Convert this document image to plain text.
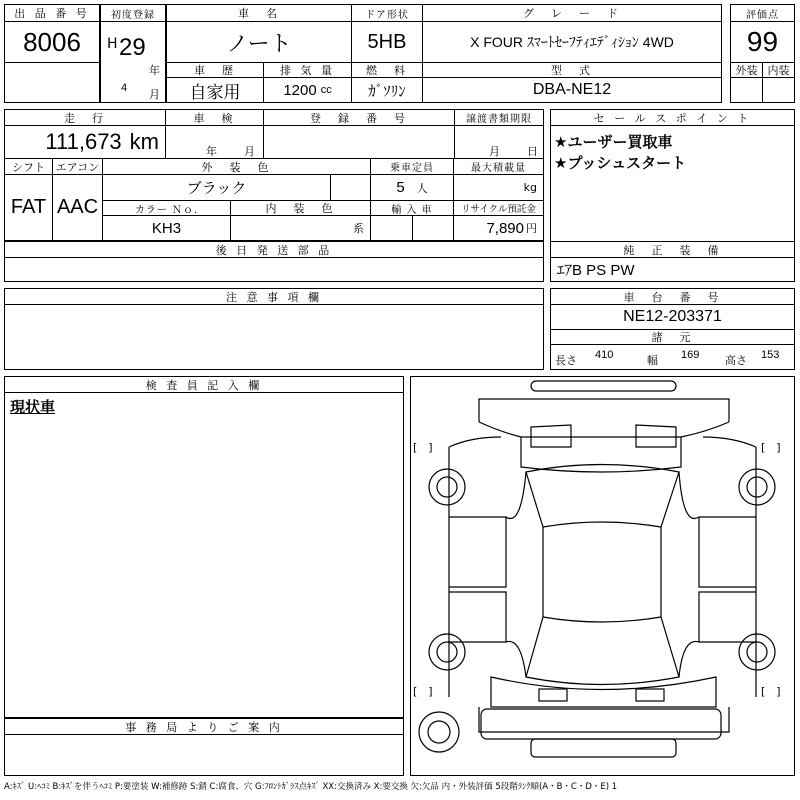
出 品 番 号
8006
初度登録
H 29
年
4 月
車　名
ノート
ドア形状
5HB
グ　レ　ー　ド
X FOUR ｽﾏｰﾄｾｰﾌﾃｨｴﾃﾞｨｼｮﾝ 4WD
評価点
99
外装 内装
車　歴
自家用
排 気 量
1200 cc
燃　料
ｶﾞｿﾘﾝ
型　式
DBA-NE12
走　行
111,673 km
車　検
年 月
登　録　番　号	譲渡書類期限
月 日
セ ー ル ス ポ イ ン ト
★ユーザー買取車
★プッシュスタート
シフト
FAT
エアコン
AAC
外　装　色
ブラック
乗車定員
5 人
最大積載量
kg
カラー Ｎｏ.
KH3
内　装　色
系
輸 入 車	リサイクル預託金
7,890 円
後 日 発 送 部 品	純　正　装　備
ｴｱB PS PW
注 意 事 項 欄	車　台　番　号
NE12-203371
諸　元
長さ 410	幅 169 高さ 153
検 査 員 記 入 欄
現状車
事 務 局 よ り ご 案 内
[　]	[　]
[　]	[　]
A:ｷｽﾞ U:ﾍｺﾐ B:ｷｽﾞを伴うﾍｺﾐ P:要塗装 W:補修跡 S:錆 C:腐食、穴 G:ﾌﾛﾝﾄｶﾞﾗｽ点ｷｽﾞ XX:交換済み X:要交換 欠:欠品 内・外装評価 5段階ﾗﾝｸ順(A・B・C・D・E) 1
